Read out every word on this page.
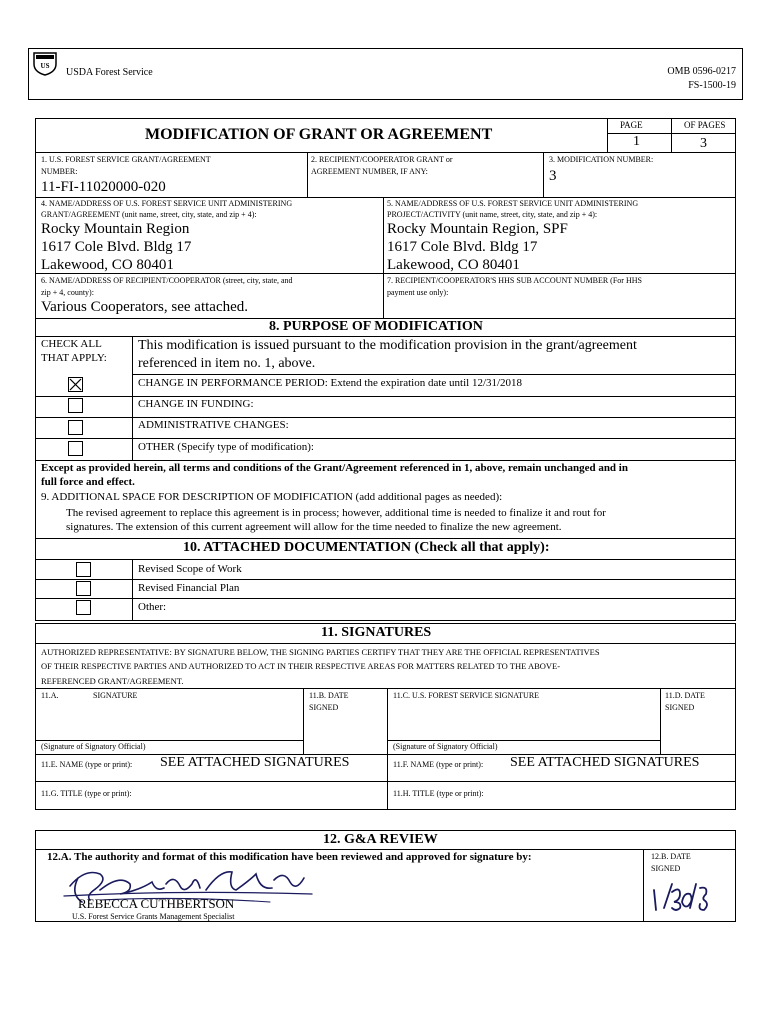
US
USDA Forest Service	OMB 0596-0217
FS-1500-19
MODIFICATION OF GRANT OR AGREEMENT
PAGE	OF PAGES
1	3
1. U.S. FOREST SERVICE GRANT/AGREEMENT
NUMBER:
11-FI-11020000-020
2. RECIPIENT/COOPERATOR GRANT or
AGREEMENT NUMBER, IF ANY:
3. MODIFICATION NUMBER:
3
4. NAME/ADDRESS OF U.S. FOREST SERVICE UNIT ADMINISTERING
GRANT/AGREEMENT (unit name, street, city, state, and zip + 4):
Rocky Mountain Region
1617 Cole Blvd. Bldg 17
Lakewood, CO 80401
5. NAME/ADDRESS OF U.S. FOREST SERVICE UNIT ADMINISTERING
PROJECT/ACTIVITY (unit name, street, city, state, and zip + 4):
Rocky Mountain Region, SPF
1617 Cole Blvd. Bldg 17
Lakewood, CO 80401
6. NAME/ADDRESS OF RECIPIENT/COOPERATOR (street, city, state, and
zip + 4, county):
Various Cooperators, see attached.
7. RECIPIENT/COOPERATOR'S HHS SUB ACCOUNT NUMBER (For HHS
payment use only):
8. PURPOSE OF MODIFICATION
CHECK ALL
THAT APPLY:
This modification is issued pursuant to the modification provision in the grant/agreement
referenced in item no. 1, above.
CHANGE IN PERFORMANCE PERIOD: Extend the expiration date until 12/31/2018
CHANGE IN FUNDING:
ADMINISTRATIVE CHANGES:
OTHER (Specify type of modification):
Except as provided herein, all terms and conditions of the Grant/Agreement referenced in 1, above, remain unchanged and in
full force and effect.
9. ADDITIONAL SPACE FOR DESCRIPTION OF MODIFICATION (add additional pages as needed):
The revised agreement to replace this agreement is in process; however, additional time is needed to finalize it and rout for
signatures. The extension of this current agreement will allow for the time needed to finalize the new agreement.
10. ATTACHED DOCUMENTATION (Check all that apply):
Revised Scope of Work
Revised Financial Plan
Other:
11. SIGNATURES
AUTHORIZED REPRESENTATIVE: BY SIGNATURE BELOW, THE SIGNING PARTIES CERTIFY THAT THEY ARE THE OFFICIAL REPRESENTATIVES
OF THEIR RESPECTIVE PARTIES AND AUTHORIZED TO ACT IN THEIR RESPECTIVE AREAS FOR MATTERS RELATED TO THE ABOVE-
REFERENCED GRANT/AGREEMENT.
11.A.	SIGNATURE	11.B. DATE
SIGNED
11.C. U.S. FOREST SERVICE SIGNATURE	11.D. DATE
SIGNED
(Signature of Signatory Official)	(Signature of Signatory Official)
11.E. NAME (type or print): SEE ATTACHED SIGNATURES	11.F. NAME (type or print): SEE ATTACHED SIGNATURES
11.G. TITLE (type or print):	11.H. TITLE (type or print):
12. G&A REVIEW
12.A. The authority and format of this modification have been reviewed and approved for signature by:	12.B. DATE
SIGNED
REBECCA CUTHBERTSON
U.S. Forest Service Grants Management Specialist
